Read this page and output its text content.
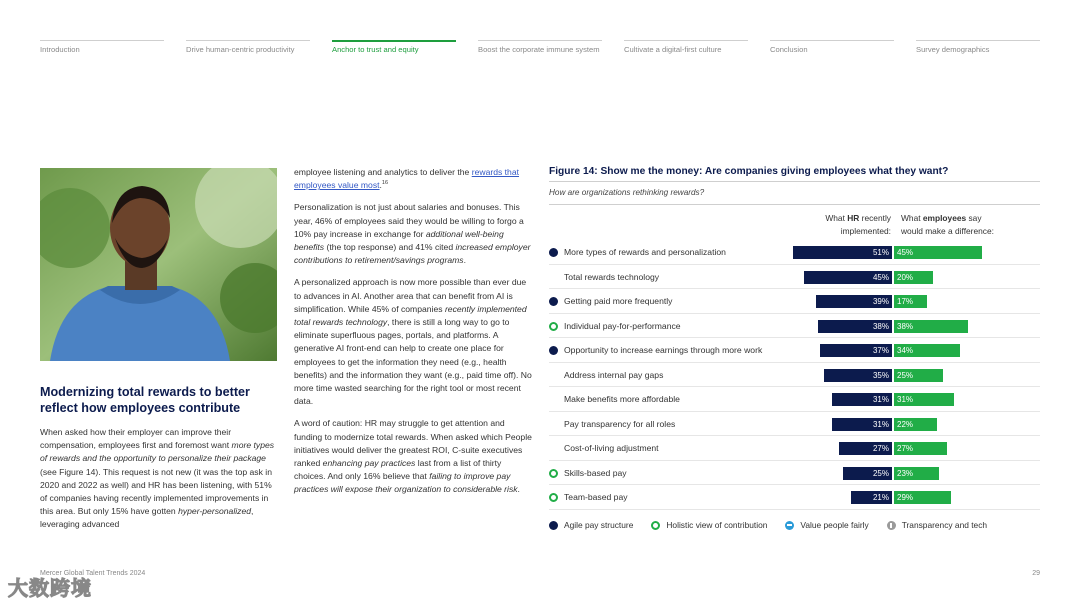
Introduction	Drive human-centric productivity	Anchor to trust and equity	Boost the corporate immune system	Cultivate a digital-first culture	Conclusion	Survey demographics
Modernizing total rewards to better reflect how employees contribute
When asked how their employer can improve their compensation, employees first and foremost want more types of rewards and the opportunity to personalize their package (see Figure 14). This request is not new (it was the top ask in 2020 and 2022 as well) and HR has been listening, with 51% of companies having recently implemented improvements in this area. But only 15% have gotten hyper-personalized, leveraging advanced

employee listening and analytics to deliver the rewards that employees value most.$^{16}$

Personalization is not just about salaries and bonuses. This year, 46% of employees said they would be willing to forgo a 10% pay increase in exchange for additional well-being benefits (the top response) and 41% cited increased employer contributions to retirement/savings programs.

A personalized approach is now more possible than ever due to advances in AI. Another area that can benefit from AI is simplification. While 45% of companies recently implemented total rewards technology, there is still a long way to go to eliminate superfluous pages, portals, and platforms. A generative AI front-end can help to create one place for employees to get the information they need (e.g., health benefits) and the information they want (e.g., paid time off). No more time wasted searching for the right tool or most recent data.

A word of caution: HR may struggle to get attention and funding to modernize total rewards. When asked which People initiatives would deliver the greatest ROI, C-suite executives ranked enhancing pay practices last from a list of thirty choices. And only 16% believe that failing to improve pay practices will expose their organization to considerable risk.

Figure 14: Show me the money: Are companies giving employees what they want?
How are organizations rethinking rewards?
What HR recently
implemented:
What employees say
would make a difference:
More types of rewards and personalization	51%	45%
Total rewards technology	45%	20%
Getting paid more frequently	39%	17%
Individual pay-for-performance	38%	38%
Opportunity to increase earnings through more work	37%	34%
Address internal pay gaps	35%	25%
Make benefits more affordable	31%	31%
Pay transparency for all roles	31%	22%
Cost-of-living adjustment	27%	27%
Skills-based pay	25%	23%
Team-based pay	21%	29%
Agile pay structure	Holistic view of contribution	Value people fairly	Transparency and tech
Mercer Global Talent Trends 2024	29
大数跨境
